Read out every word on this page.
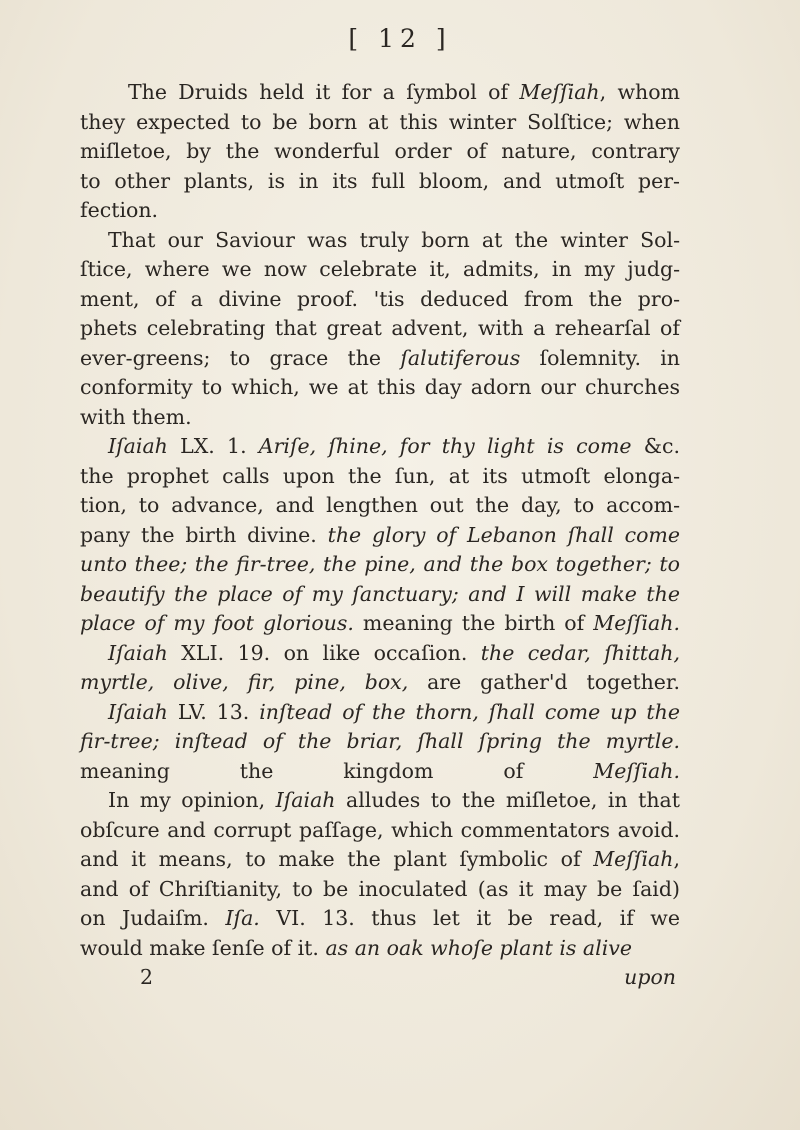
[ 12 ]
The Druids held it for a ſymbol of Meſſiah, whom
they expected to be born at this winter Solſtice; when
miſletoe, by the wonderful order of nature, contrary
to other plants, is in its full bloom, and utmoſt per-
fection.
That our Saviour was truly born at the winter Sol-
ſtice, where we now celebrate it, admits, in my judg-
ment, of a divine proof. 'tis deduced from the pro-
phets celebrating that great advent, with a rehearſal of
ever-greens; to grace the ſalutiferous ſolemnity. in
conformity to which, we at this day adorn our churches
with them.
Iſaiah LX. 1. Ariſe, ſhine, for thy light is come &c.
the prophet calls upon the ſun, at its utmoſt elonga-
tion, to advance, and lengthen out the day, to accom-
pany the birth divine. the glory of Lebanon ſhall come
unto thee; the fir-tree, the pine, and the box together; to
beautify the place of my ſanctuary; and I will make the
place of my foot glorious. meaning the birth of Meſſiah.
Iſaiah XLI. 19. on like occaſion. the cedar, ſhittah,
myrtle, olive, fir, pine, box, are gather'd together.
Iſaiah LV. 13. inſtead of the thorn, ſhall come up the
fir-tree; inſtead of the briar, ſhall ſpring the myrtle.
meaning the kingdom of Meſſiah.
In my opinion, Iſaiah alludes to the miſletoe, in that
obſcure and corrupt paſſage, which commentators avoid.
and it means, to make the plant ſymbolic of Meſſiah,
and of Chriſtianity, to be inoculated (as it may be ſaid)
on Judaiſm. Iſa. VI. 13. thus let it be read, if we
would make ſenſe of it. as an oak whoſe plant is alive
2	upon
